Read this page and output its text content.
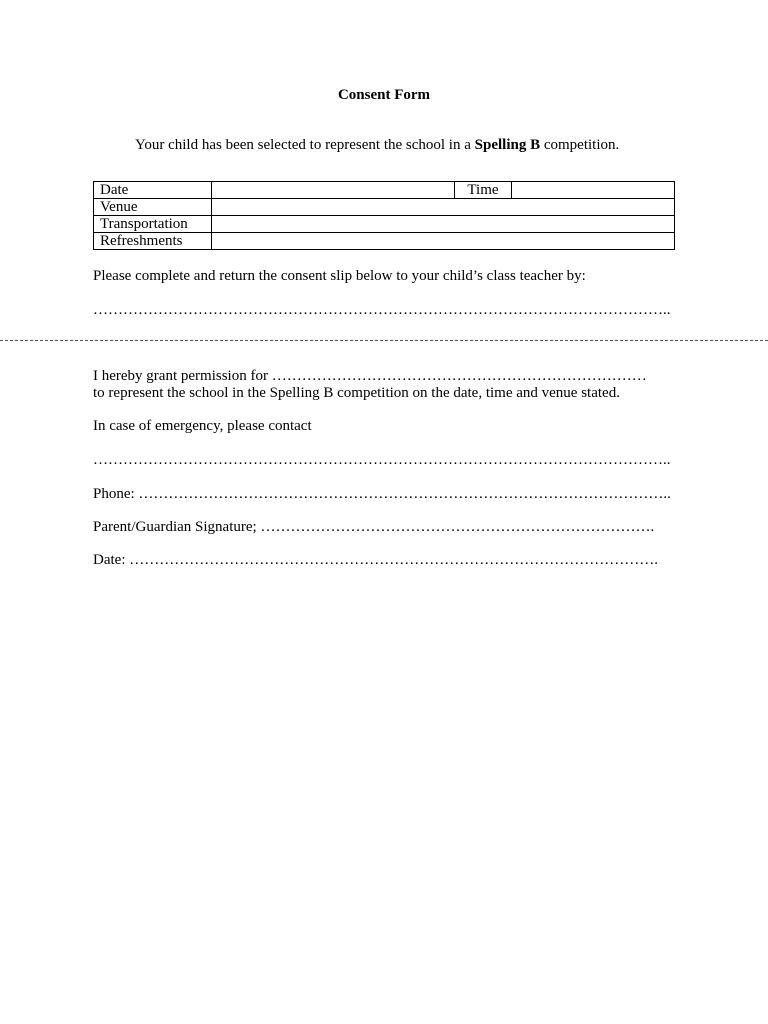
Consent Form
Your child has been selected to represent the school in a Spelling B competition.
Date		Time	
Venue			
Transportation			
Refreshments			
Please complete and return the consent slip below to your child’s class teacher by:
……………………………………………………………………………………………………..
I hereby grant permission for …………………………………………………………………
to represent the school in the Spelling B competition on the date, time and venue stated.
In case of emergency, please contact
……………………………………………………………………………………………………..
Phone: ……………………………………………………………………………………………..
Parent/Guardian Signature; …………………………………………………………………….
Date: …………………………………………………………………………………………….
